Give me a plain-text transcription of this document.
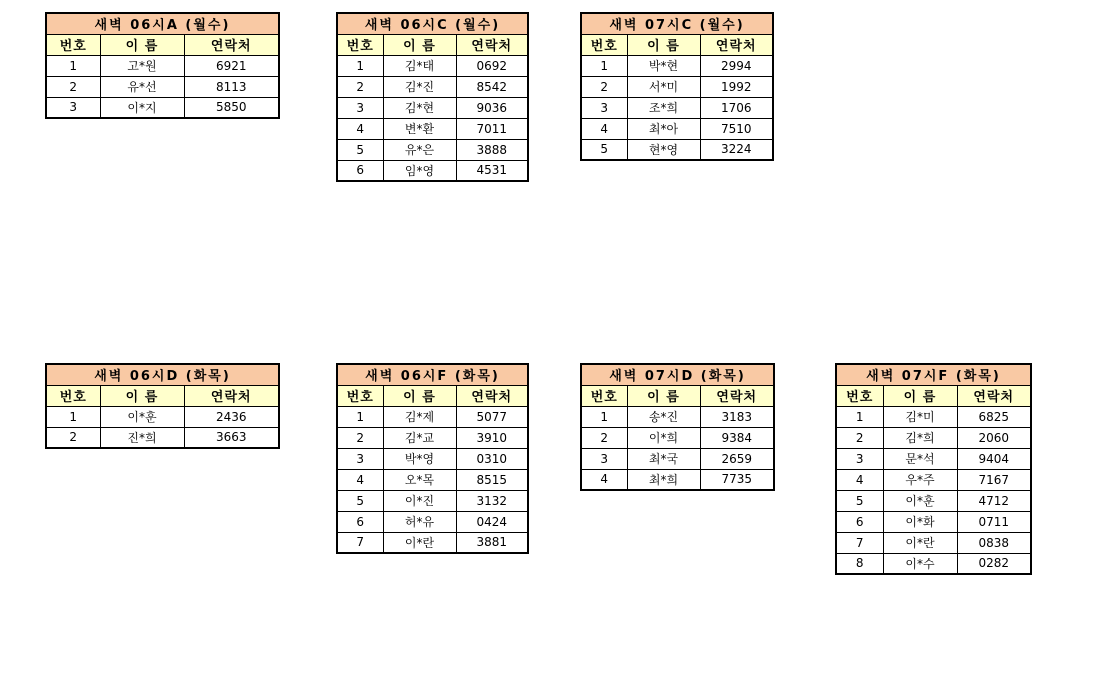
새벽 06시A (월수)		
번호	이 름	연락처
1	고*원	6921
2	유*선	8113
3	이*지	5850
새벽 06시C (월수)		
번호	이 름	연락처
1	김*태	0692
2	김*진	8542
3	김*현	9036
4	변*환	7011
5	유*은	3888
6	임*영	4531
새벽 07시C (월수)		
번호	이 름	연락처
1	박*현	2994
2	서*미	1992
3	조*희	1706
4	최*아	7510
5	현*영	3224
새벽 06시D (화목)		
번호	이 름	연락처
1	이*훈	2436
2	진*희	3663
새벽 06시F (화목)		
번호	이 름	연락처
1	김*제	5077
2	김*교	3910
3	박*영	0310
4	오*목	8515
5	이*진	3132
6	허*유	0424
7	이*란	3881
새벽 07시D (화목)		
번호	이 름	연락처
1	송*진	3183
2	이*희	9384
3	최*국	2659
4	최*희	7735
새벽 07시F (화목)		
번호	이 름	연락처
1	김*미	6825
2	김*희	2060
3	문*석	9404
4	우*주	7167
5	이*훈	4712
6	이*화	0711
7	이*란	0838
8	이*수	0282
